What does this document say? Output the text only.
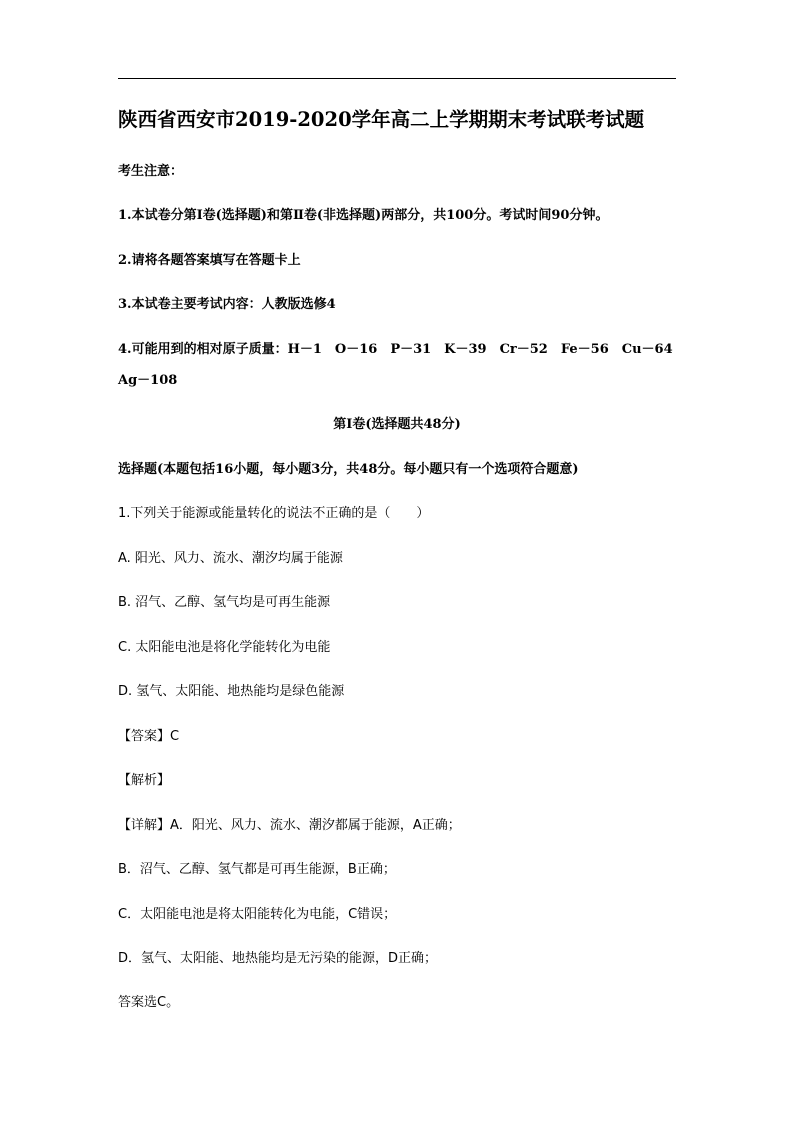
陕西省西安市2019-2020学年高二上学期期末考试联考试题
考生注意：
1.本试卷分第Ⅰ卷(选择题)和第Ⅱ卷(非选择题)两部分，共100分。考试时间90分钟。
2.请将各题答案填写在答题卡上
3.本试卷主要考试内容：人教版选修4
4.可能用到的相对原子质量：H－1　O－16　P－31　K－39　Cr－52　Fe－56　Cu－64
Ag－108
第Ⅰ卷(选择题共48分)
选择题(本题包括16小题，每小题3分，共48分。每小题只有一个选项符合题意)
1.下列关于能源或能量转化的说法不正确的是（　　）
A. 阳光、风力、流水、潮汐均属于能源
B. 沼气、乙醇、氢气均是可再生能源
C. 太阳能电池是将化学能转化为电能
D. 氢气、太阳能、地热能均是绿色能源
【答案】C
【解析】
【详解】A．阳光、风力、流水、潮汐都属于能源，A正确；
B．沼气、乙醇、氢气都是可再生能源，B正确；
C．太阳能电池是将太阳能转化为电能，C错误；
D．氢气、太阳能、地热能均是无污染的能源，D正确；
答案选C。
